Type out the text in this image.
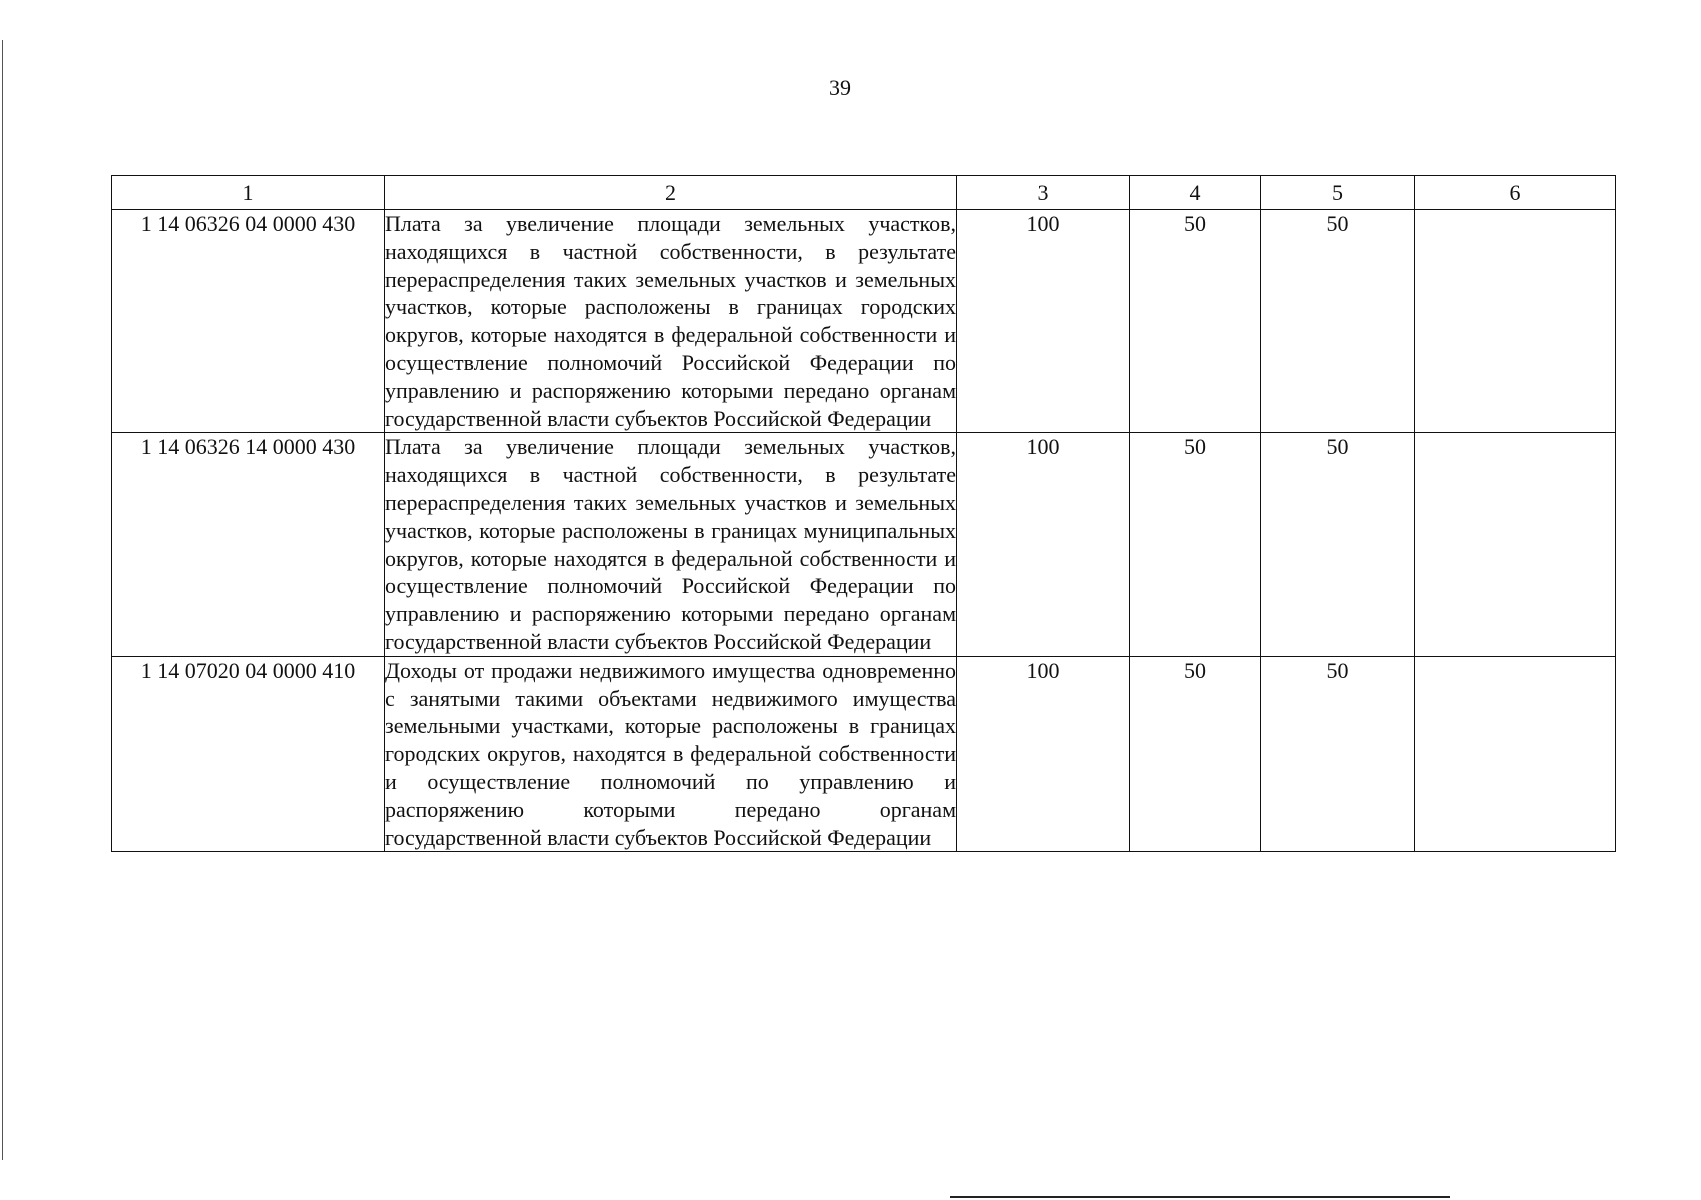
39
1	2	3	4	5	6
1 14 06326 04 0000 430	Плата за увеличение площади земельных участков, находящихся в частной собственности, в результате перераспределения таких земельных участков и земельных участков, которые расположены в границах городских округов, которые находятся в федеральной собственности и осуществление полномочий Российской Федерации по управлению и распоряжению которыми передано органам государственной власти субъектов Российской Федерации	100	50	50	
1 14 06326 14 0000 430	Плата за увеличение площади земельных участков, находящихся в частной собственности, в результате перераспределения таких земельных участков и земельных участков, которые расположены в границах муниципальных округов, которые находятся в федеральной собственности и осуществление полномочий Российской Федерации по управлению и распоряжению которыми передано органам государственной власти субъектов Российской Федерации	100	50	50	
1 14 07020 04 0000 410	Доходы от продажи недвижимого имущества одновременно с занятыми такими объектами недвижимого имущества земельными участками, которые расположены в границах городских округов, находятся в федеральной собственности и осуществление полномочий по управлению и распоряжению которыми передано органам государственной власти субъектов Российской Федерации	100	50	50	
